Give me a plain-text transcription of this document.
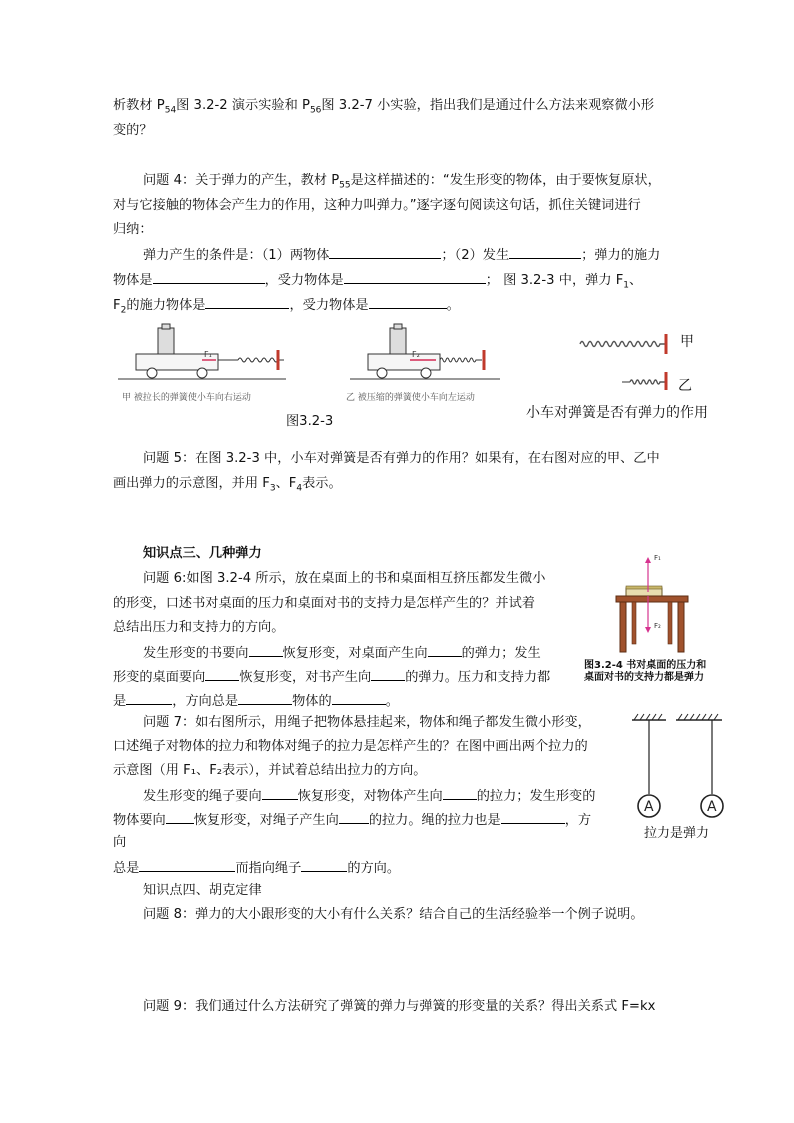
析教材 $P_{54}$图 3.2-2 演示实验和 $P_{56}$图 3.2-7 小实验，指出我们是通过什么方法来观察微小形
变的？
问题 4：关于弹力的产生，教材 $P_{55}$是这样描述的：“发生形变的物体，由于要恢复原状，
对与它接触的物体会产生力的作用，这种力叫弹力。”逐字逐句阅读这句话，抓住关键词进行
归纳：
弹力产生的条件是：（1）两物体	；（2）发生	；弹力的施力
物体是	，受力物体是	； 图 3.2-3 中，弹力 $F_1$、
$F_2$的施力物体是	，受力物体是	。
F₁
甲 被拉长的弹簧使小车向右运动
F₂
乙 被压缩的弹簧使小车向左运动
图3.2-3
甲
乙
小车对弹簧是否有弹力的作用
问题 5：在图 3.2-3 中，小车对弹簧是否有弹力的作用？如果有，在右图对应的甲、乙中
画出弹力的示意图，并用 $F_3$、$F_4$表示。
知识点三、几种弹力
问题 6:如图 3.2-4 所示，放在桌面上的书和桌面相互挤压都发生微小
的形变，口述书对桌面的压力和桌面对书的支持力是怎样产生的？并试着
总结出压力和支持力的方向。
发生形变的书要向	恢复形变，对桌面产生向	的弹力；发生
形变的桌面要向	恢复形变，对书产生向	的弹力。压力和支持力都
是	，方向总是	物体的	。
F₁
F₂
图3.2-4 书对桌面的压力和
桌面对书的支持力都是弹力
问题 7：如右图所示，用绳子把物体悬挂起来，物体和绳子都发生微小形变，
口述绳子对物体的拉力和物体对绳子的拉力是怎样产生的？在图中画出两个拉力的
示意图（用 F₁、F₂表示），并试着总结出拉力的方向。
发生形变的绳子要向	恢复形变，对物体产生向	的拉力；发生形变的
物体要向 恢复形变，对绳子产生向 的拉力。绳的拉力也是	，方
向
总是	而指向绳子	的方向。
A	A
拉力是弹力
知识点四、胡克定律
问题 8：弹力的大小跟形变的大小有什么关系？结合自己的生活经验举一个例子说明。
问题 9：我们通过什么方法研究了弹簧的弹力与弹簧的形变量的关系？得出关系式 F=kx
